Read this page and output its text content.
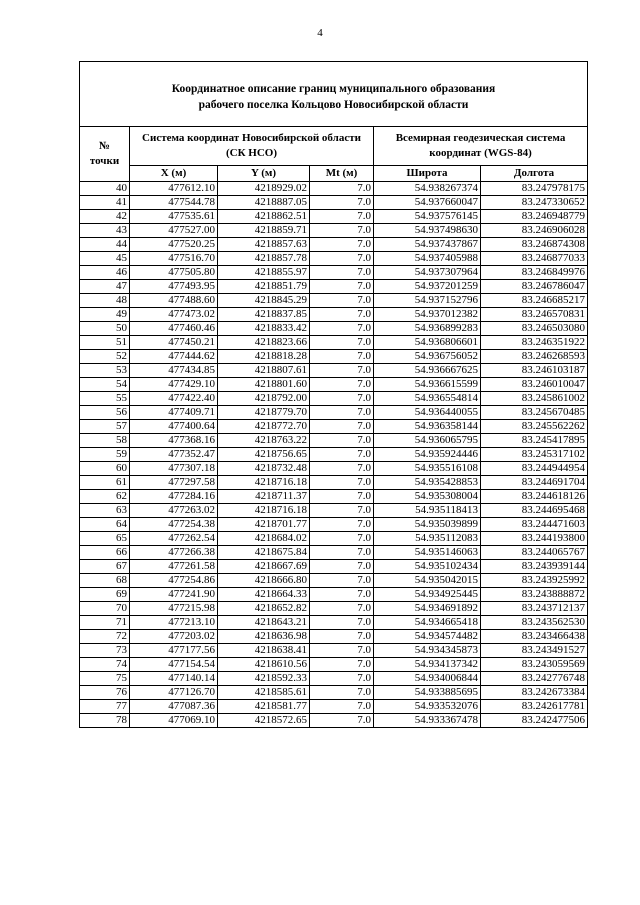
4
Координатное описание границ муниципального образования
рабочего поселка Кольцово Новосибирской области					

№
точки	Система координат Новосибирской области (СК НСО)			Всемирная геодезическая система координат (WGS-84)	
	X (м)	Y (м)	Mt (м)	Широта	Долгота
40	477612.10	4218929.02	7.0	54.938267374	83.247978175
41	477544.78	4218887.05	7.0	54.937660047	83.247330652
42	477535.61	4218862.51	7.0	54.937576145	83.246948779
43	477527.00	4218859.71	7.0	54.937498630	83.246906028
44	477520.25	4218857.63	7.0	54.937437867	83.246874308
45	477516.70	4218857.78	7.0	54.937405988	83.246877033
46	477505.80	4218855.97	7.0	54.937307964	83.246849976
47	477493.95	4218851.79	7.0	54.937201259	83.246786047
48	477488.60	4218845.29	7.0	54.937152796	83.246685217
49	477473.02	4218837.85	7.0	54.937012382	83.246570831
50	477460.46	4218833.42	7.0	54.936899283	83.246503080
51	477450.21	4218823.66	7.0	54.936806601	83.246351922
52	477444.62	4218818.28	7.0	54.936756052	83.246268593
53	477434.85	4218807.61	7.0	54.936667625	83.246103187
54	477429.10	4218801.60	7.0	54.936615599	83.246010047
55	477422.40	4218792.00	7.0	54.936554814	83.245861002
56	477409.71	4218779.70	7.0	54.936440055	83.245670485
57	477400.64	4218772.70	7.0	54.936358144	83.245562262
58	477368.16	4218763.22	7.0	54.936065795	83.245417895
59	477352.47	4218756.65	7.0	54.935924446	83.245317102
60	477307.18	4218732.48	7.0	54.935516108	83.244944954
61	477297.58	4218716.18	7.0	54.935428853	83.244691704
62	477284.16	4218711.37	7.0	54.935308004	83.244618126
63	477263.02	4218716.18	7.0	54.935118413	83.244695468
64	477254.38	4218701.77	7.0	54.935039899	83.244471603
65	477262.54	4218684.02	7.0	54.935112083	83.244193800
66	477266.38	4218675.84	7.0	54.935146063	83.244065767
67	477261.58	4218667.69	7.0	54.935102434	83.243939144
68	477254.86	4218666.80	7.0	54.935042015	83.243925992
69	477241.90	4218664.33	7.0	54.934925445	83.243888872
70	477215.98	4218652.82	7.0	54.934691892	83.243712137
71	477213.10	4218643.21	7.0	54.934665418	83.243562530
72	477203.02	4218636.98	7.0	54.934574482	83.243466438
73	477177.56	4218638.41	7.0	54.934345873	83.243491527
74	477154.54	4218610.56	7.0	54.934137342	83.243059569
75	477140.14	4218592.33	7.0	54.934006844	83.242776748
76	477126.70	4218585.61	7.0	54.933885695	83.242673384
77	477087.36	4218581.77	7.0	54.933532076	83.242617781
78	477069.10	4218572.65	7.0	54.933367478	83.242477506
